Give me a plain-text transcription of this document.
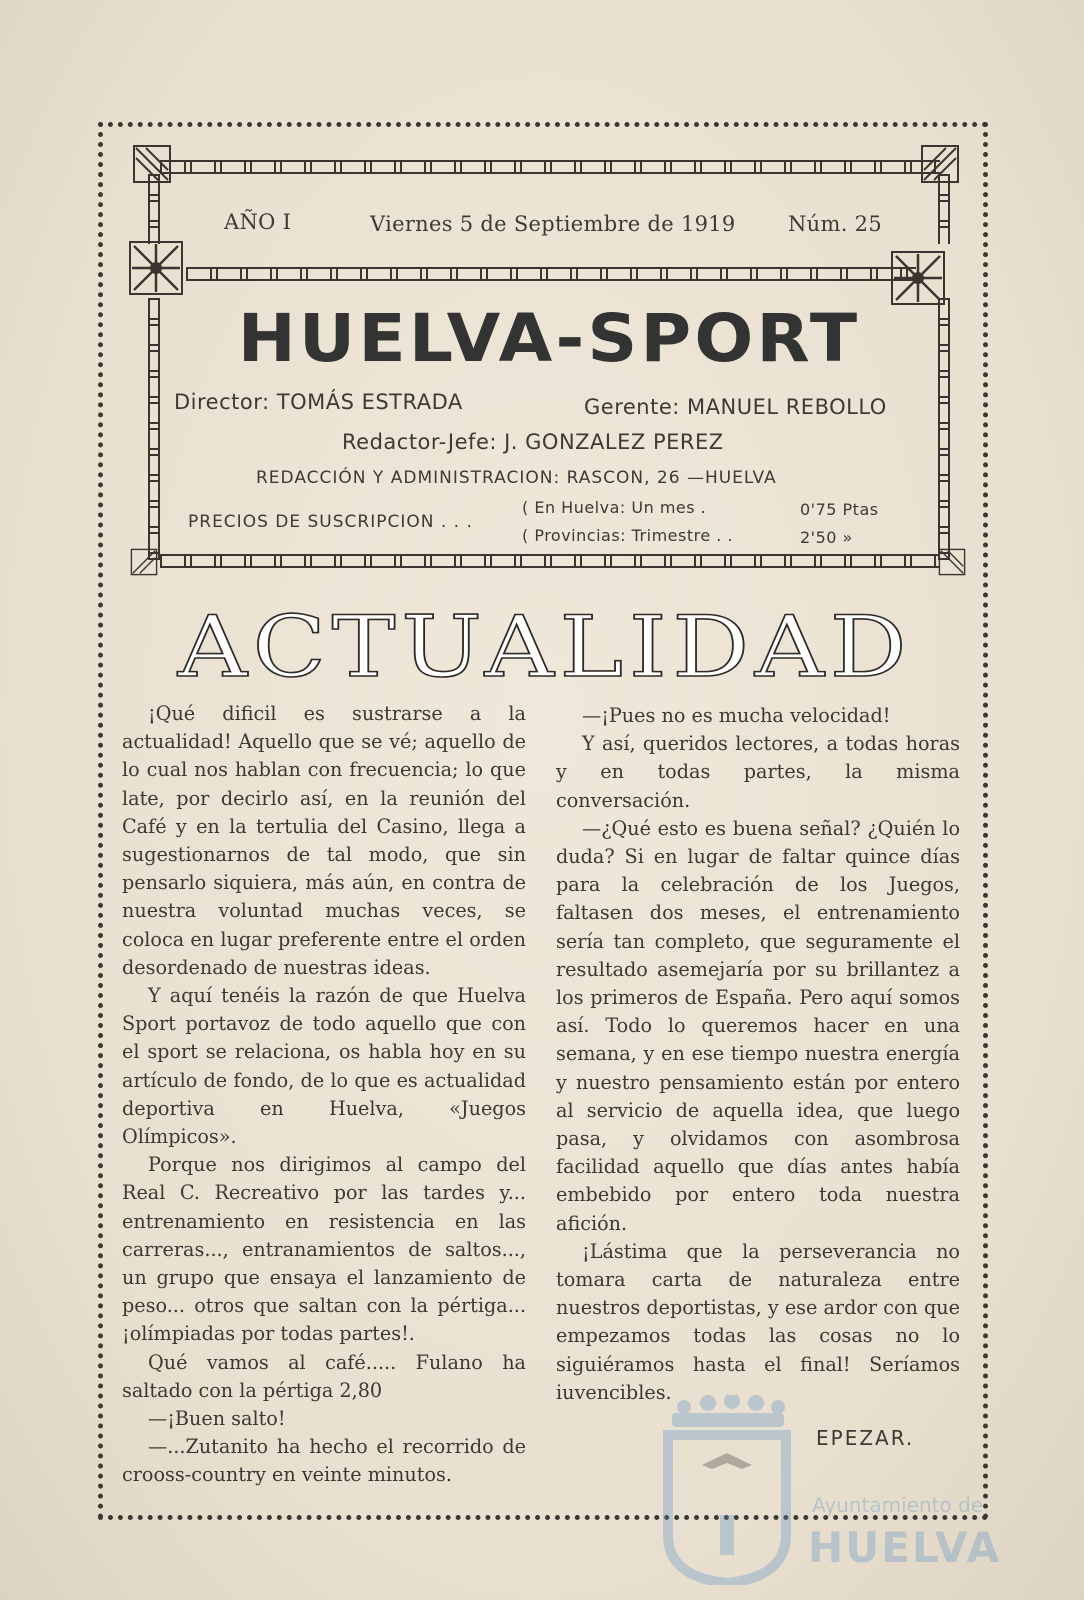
AÑO I	Viernes 5 de Septiembre de 1919 Núm. 25
HUELVA-SPORT
Director: TOMÁS ESTRADA	Gerente: MANUEL REBOLLO
Redactor-Jefe: J. GONZALEZ PEREZ
REDACCIÓN Y ADMINISTRACION: RASCON, 26 —HUELVA
PRECIOS DE SUSCRIPCION . . .
( En Huelva: Un mes .	0'75 Ptas
( Provincias: Trimestre . .	2'50 »
ACTUALIDAD

¡Qué dificil es sustrarse a la actualidad! Aquello que se vé; aquello de lo cual nos hablan con frecuencia; lo que late, por decirlo así, en la reunión del Café y en la tertulia del Casino, llega a sugestionarnos de tal modo, que sin pensarlo siquiera, más aún, en contra de nuestra voluntad muchas veces, se coloca en lugar preferente entre el orden desordenado de nuestras ideas.

Y aquí tenéis la razón de que Huelva Sport portavoz de todo aquello que con el sport se relaciona, os habla hoy en su artículo de fondo, de lo que es actualidad deportiva en Huelva, «Juegos Olímpicos».

Porque nos dirigimos al campo del Real C. Recreativo por las tardes y... entrenamiento en resistencia en las carreras..., entranamientos de saltos..., un grupo que ensaya el lanzamiento de peso... otros que saltan con la pértiga... ¡olímpiadas por todas partes!.

Qué vamos al café..... Fulano ha saltado con la pértiga 2,80

—¡Buen salto!

—...Zutanito ha hecho el recorrido de crooss-country en veinte minutos.

—¡Pues no es mucha velocidad!

Y así, queridos lectores, a todas horas y en todas partes, la misma conversación.

—¿Qué esto es buena señal? ¿Quién lo duda? Si en lugar de faltar quince días para la celebración de los Juegos, faltasen dos meses, el entrenamiento sería tan completo, que seguramente el resultado asemejaría por su brillantez a los primeros de España. Pero aquí somos así. Todo lo queremos hacer en una semana, y en ese tiempo nuestra energía y nuestro pensamiento están por entero al servicio de aquella idea, que luego pasa, y olvidamos con asombrosa facilidad aquello que días antes había embebido por entero toda nuestra afición.

¡Lástima que la perseverancia no tomara carta de naturaleza entre nuestros deportistas, y ese ardor con que empezamos todas las cosas no lo siguiéramos hasta el final! Seríamos iuvencibles.

EPEZAR.
Ayuntamiento de
HUELVA
